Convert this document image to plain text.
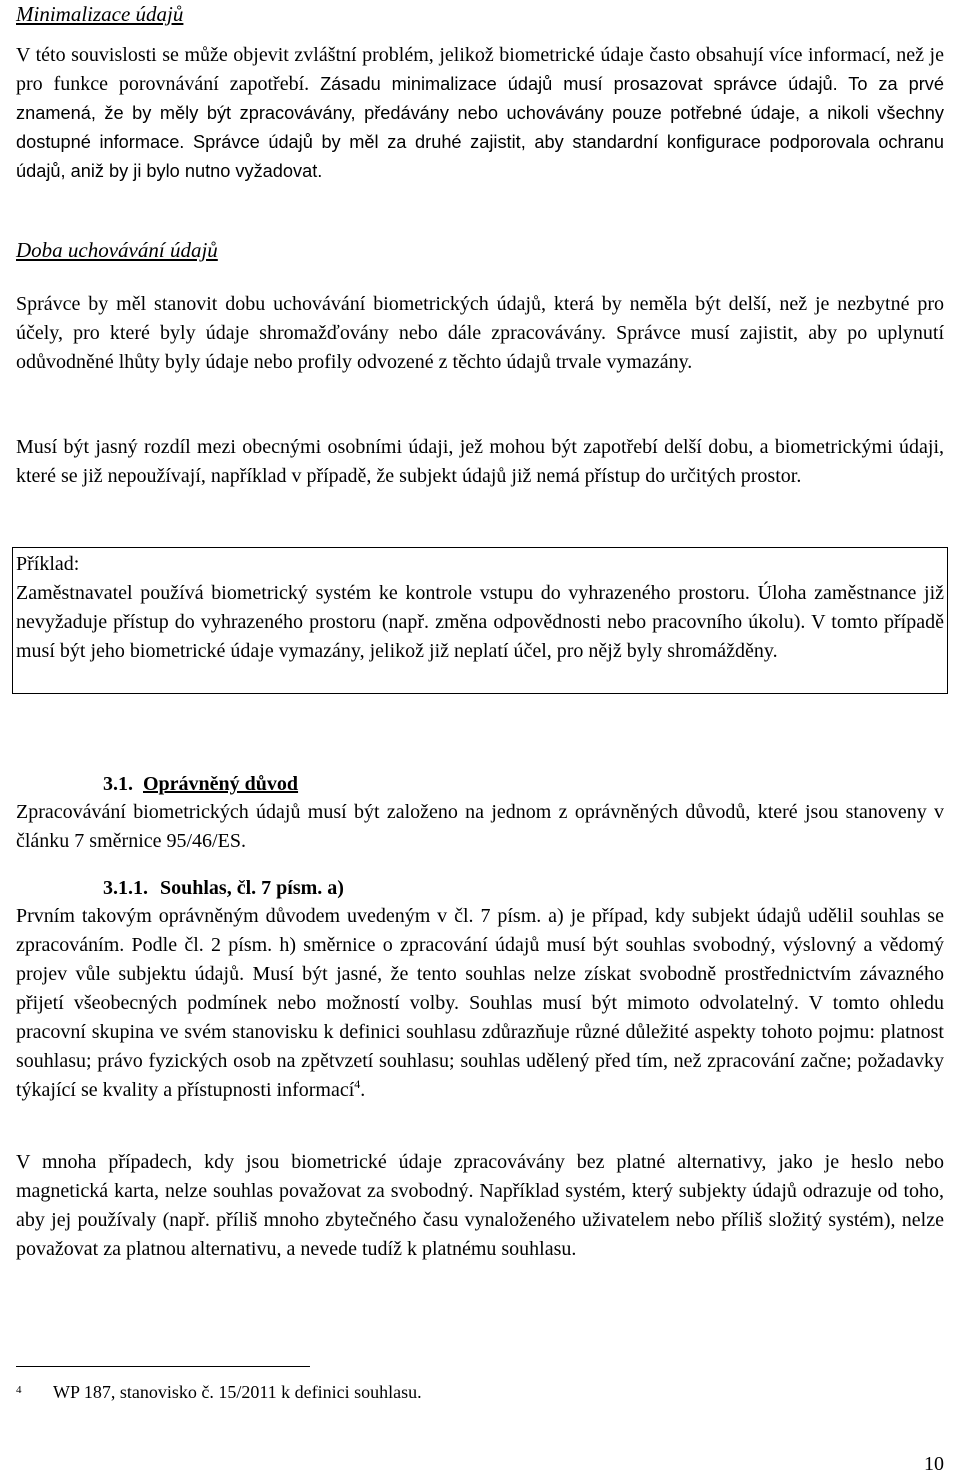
Minimalizace údajů

V této souvislosti se může objevit zvláštní problém, jelikož biometrické údaje často obsahují více informací, než je pro funkce porovnávání zapotřebí. Zásadu minimalizace údajů musí prosazovat správce údajů. To za prvé znamená, že by měly být zpracovávány, předávány nebo uchovávány pouze potřebné údaje, a nikoli všechny dostupné informace. Správce údajů by měl za druhé zajistit, aby standardní konfigurace podporovala ochranu údajů, aniž by ji bylo nutno vyžadovat.

Doba uchovávání údajů

Správce by měl stanovit dobu uchovávání biometrických údajů, která by neměla být delší, než je nezbytné pro účely, pro které byly údaje shromažďovány nebo dále zpracovávány. Správce musí zajistit, aby po uplynutí odůvodněné lhůty byly údaje nebo profily odvozené z těchto údajů trvale vymazány.

Musí být jasný rozdíl mezi obecnými osobními údaji, jež mohou být zapotřebí delší dobu, a biometrickými údaji, které se již nepoužívají, například v případě, že subjekt údajů již nemá přístup do určitých prostor.

Příklad:

Zaměstnavatel používá biometrický systém ke kontrole vstupu do vyhrazeného prostoru. Úloha zaměstnance již nevyžaduje přístup do vyhrazeného prostoru (např. změna odpovědnosti nebo pracovního úkolu). V tomto případě musí být jeho biometrické údaje vymazány, jelikož již neplatí účel, pro nějž byly shromážděny.

3.1. Oprávněný důvod

Zpracovávání biometrických údajů musí být založeno na jednom z oprávněných důvodů, které jsou stanoveny v článku 7 směrnice 95/46/ES.

3.1.1. Souhlas, čl. 7 písm. a)

Prvním takovým oprávněným důvodem uvedeným v čl. 7 písm. a) je případ, kdy subjekt údajů udělil souhlas se zpracováním. Podle čl. 2 písm. h) směrnice o zpracování údajů musí být souhlas svobodný, výslovný a vědomý projev vůle subjektu údajů. Musí být jasné, že tento souhlas nelze získat svobodně prostřednictvím závazného přijetí všeobecných podmínek nebo možností volby. Souhlas musí být mimoto odvolatelný. V tomto ohledu pracovní skupina ve svém stanovisku k definici souhlasu zdůrazňuje různé důležité aspekty tohoto pojmu: platnost souhlasu; právo fyzických osob na zpětvzetí souhlasu; souhlas udělený před tím, než zpracování začne; požadavky týkající se kvality a přístupnosti informací$^4$.

V mnoha případech, kdy jsou biometrické údaje zpracovávány bez platné alternativy, jako je heslo nebo magnetická karta, nelze souhlas považovat za svobodný. Například systém, který subjekty údajů odrazuje od toho, aby jej používaly (např. příliš mnoho zbytečného času vynaloženého uživatelem nebo příliš složitý systém), nelze považovat za platnou alternativu, a nevede tudíž k platnému souhlasu.

4 WP 187, stanovisko č. 15/2011 k definici souhlasu.
10
